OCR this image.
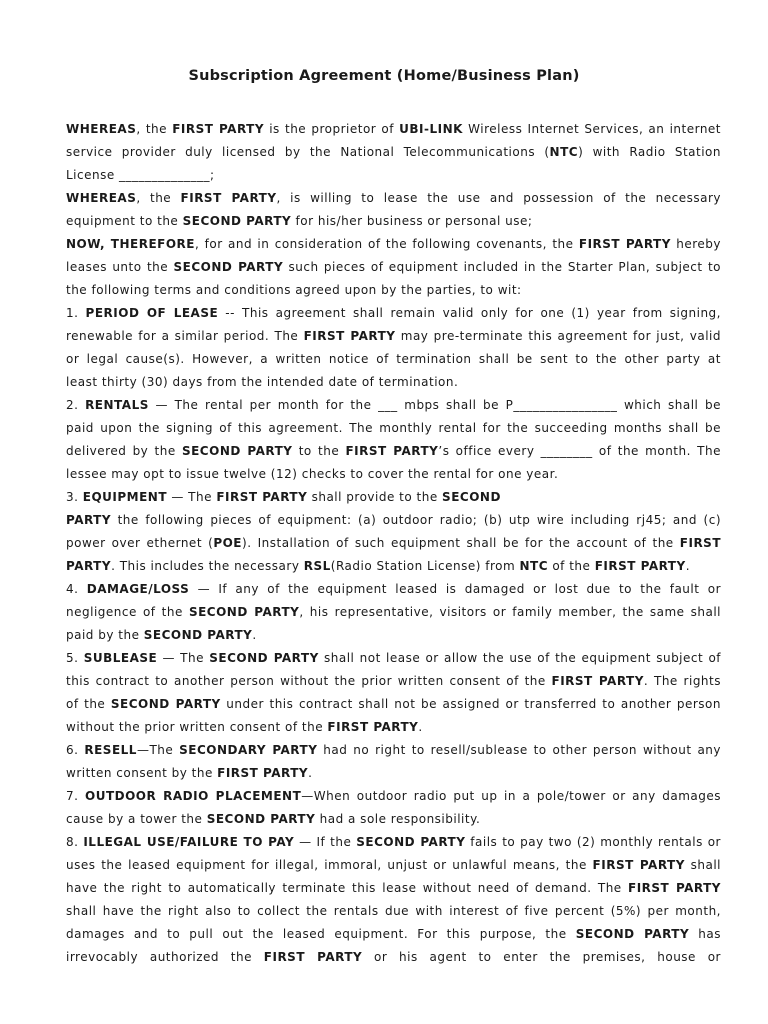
Subscription Agreement (Home/Business Plan)
WHEREAS, the FIRST PARTY is the proprietor of UBI-LINK Wireless Internet Services, an internet
service provider duly licensed by the National Telecommunications (NTC) with Radio Station
License ______________;
WHEREAS, the FIRST PARTY, is willing to lease the use and possession of the necessary
equipment to the SECOND PARTY for his/her business or personal use;
NOW, THEREFORE, for and in consideration of the following covenants, the FIRST PARTY hereby
leases unto the SECOND PARTY such pieces of equipment included in the Starter Plan, subject to
the following terms and conditions agreed upon by the parties, to wit:
1. PERIOD OF LEASE -- This agreement shall remain valid only for one (1) year from signing,
renewable for a similar period. The FIRST PARTY may pre-terminate this agreement for just, valid
or legal cause(s). However, a written notice of termination shall be sent to the other party at
least thirty (30) days from the intended date of termination.
2. RENTALS — The rental per month for the ___ mbps shall be P________________ which shall be
paid upon the signing of this agreement. The monthly rental for the succeeding months shall be
delivered by the SECOND PARTY to the FIRST PARTY’s office every ________ of the month. The
lessee may opt to issue twelve (12) checks to cover the rental for one year.
3. EQUIPMENT — The FIRST PARTY shall provide to the SECOND
PARTY the following pieces of equipment: (a) outdoor radio; (b) utp wire including rj45; and (c)
power over ethernet (POE). Installation of such equipment shall be for the account of the FIRST
PARTY. This includes the necessary RSL(Radio Station License) from NTC of the FIRST PARTY.
4. DAMAGE/LOSS — If any of the equipment leased is damaged or lost due to the fault or
negligence of the SECOND PARTY, his representative, visitors or family member, the same shall
paid by the SECOND PARTY.
5. SUBLEASE — The SECOND PARTY shall not lease or allow the use of the equipment subject of
this contract to another person without the prior written consent of the FIRST PARTY. The rights
of the SECOND PARTY under this contract shall not be assigned or transferred to another person
without the prior written consent of the FIRST PARTY.
6. RESELL—The SECONDARY PARTY had no right to resell/sublease to other person without any
written consent by the FIRST PARTY.
7. OUTDOOR RADIO PLACEMENT—When outdoor radio put up in a pole/tower or any damages
cause by a tower the SECOND PARTY had a sole responsibility.
8. ILLEGAL USE/FAILURE TO PAY — If the SECOND PARTY fails to pay two (2) monthly rentals or
uses the leased equipment for illegal, immoral, unjust or unlawful means, the FIRST PARTY shall
have the right to automatically terminate this lease without need of demand. The FIRST PARTY
shall have the right also to collect the rentals due with interest of five percent (5%) per month,
damages and to pull out the leased equipment. For this purpose, the SECOND PARTY has
irrevocably authorized the FIRST PARTY or his agent to enter the premises, house or
